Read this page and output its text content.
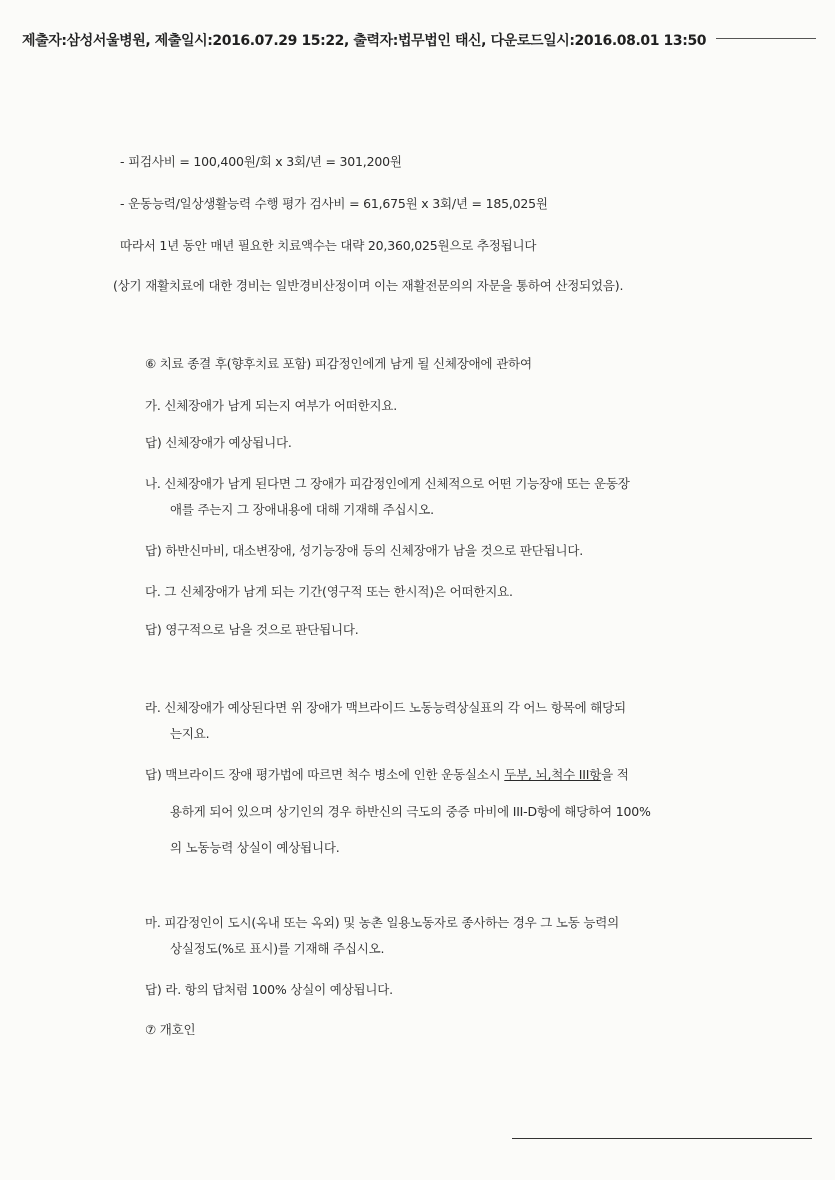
제출자:삼성서울병원, 제출일시:2016.07.29 15:22, 출력자:법무법인 태신, 다운로드일시:2016.08.01 13:50
- 피검사비 = 100,400원/회 x 3회/년 = 301,200원
- 운동능력/일상생활능력 수행 평가 검사비 = 61,675원 x 3회/년 = 185,025원
따라서 1년 동안 매년 필요한 치료액수는 대략 20,360,025원으로 추정됩니다
(상기 재활치료에 대한 경비는 일반경비산정이며 이는 재활전문의의 자문을 통하여 산정되었음).
⑥ 치료 종결 후(향후치료 포함) 피감정인에게 남게 될 신체장애에 관하여
가. 신체장애가 남게 되는지 여부가 어떠한지요.
답) 신체장애가 예상됩니다.
나. 신체장애가 남게 된다면 그 장애가 피감정인에게 신체적으로 어떤 기능장애 또는 운동장
애를 주는지 그 장애내용에 대해 기재해 주십시오.
답) 하반신마비, 대소변장애, 성기능장애 등의 신체장애가 남을 것으로 판단됩니다.
다. 그 신체장애가 남게 되는 기간(영구적 또는 한시적)은 어떠한지요.
답) 영구적으로 남을 것으로 판단됩니다.
라. 신체장애가 예상된다면 위 장애가 맥브라이드 노동능력상실표의 각 어느 항목에 해당되
는지요.
답) 맥브라이드 장애 평가법에 따르면 척수 병소에 인한 운동실소시 두부, 뇌,척수 III항을 적
용하게 되어 있으며 상기인의 경우 하반신의 극도의 중증 마비에 III-D항에 해당하여 100%
의 노동능력 상실이 예상됩니다.
마. 피감정인이 도시(옥내 또는 옥외) 및 농촌 일용노동자로 종사하는 경우 그 노동 능력의
상실정도(%로 표시)를 기재해 주십시오.
답) 라. 항의 답처럼 100% 상실이 예상됩니다.
⑦ 개호인
